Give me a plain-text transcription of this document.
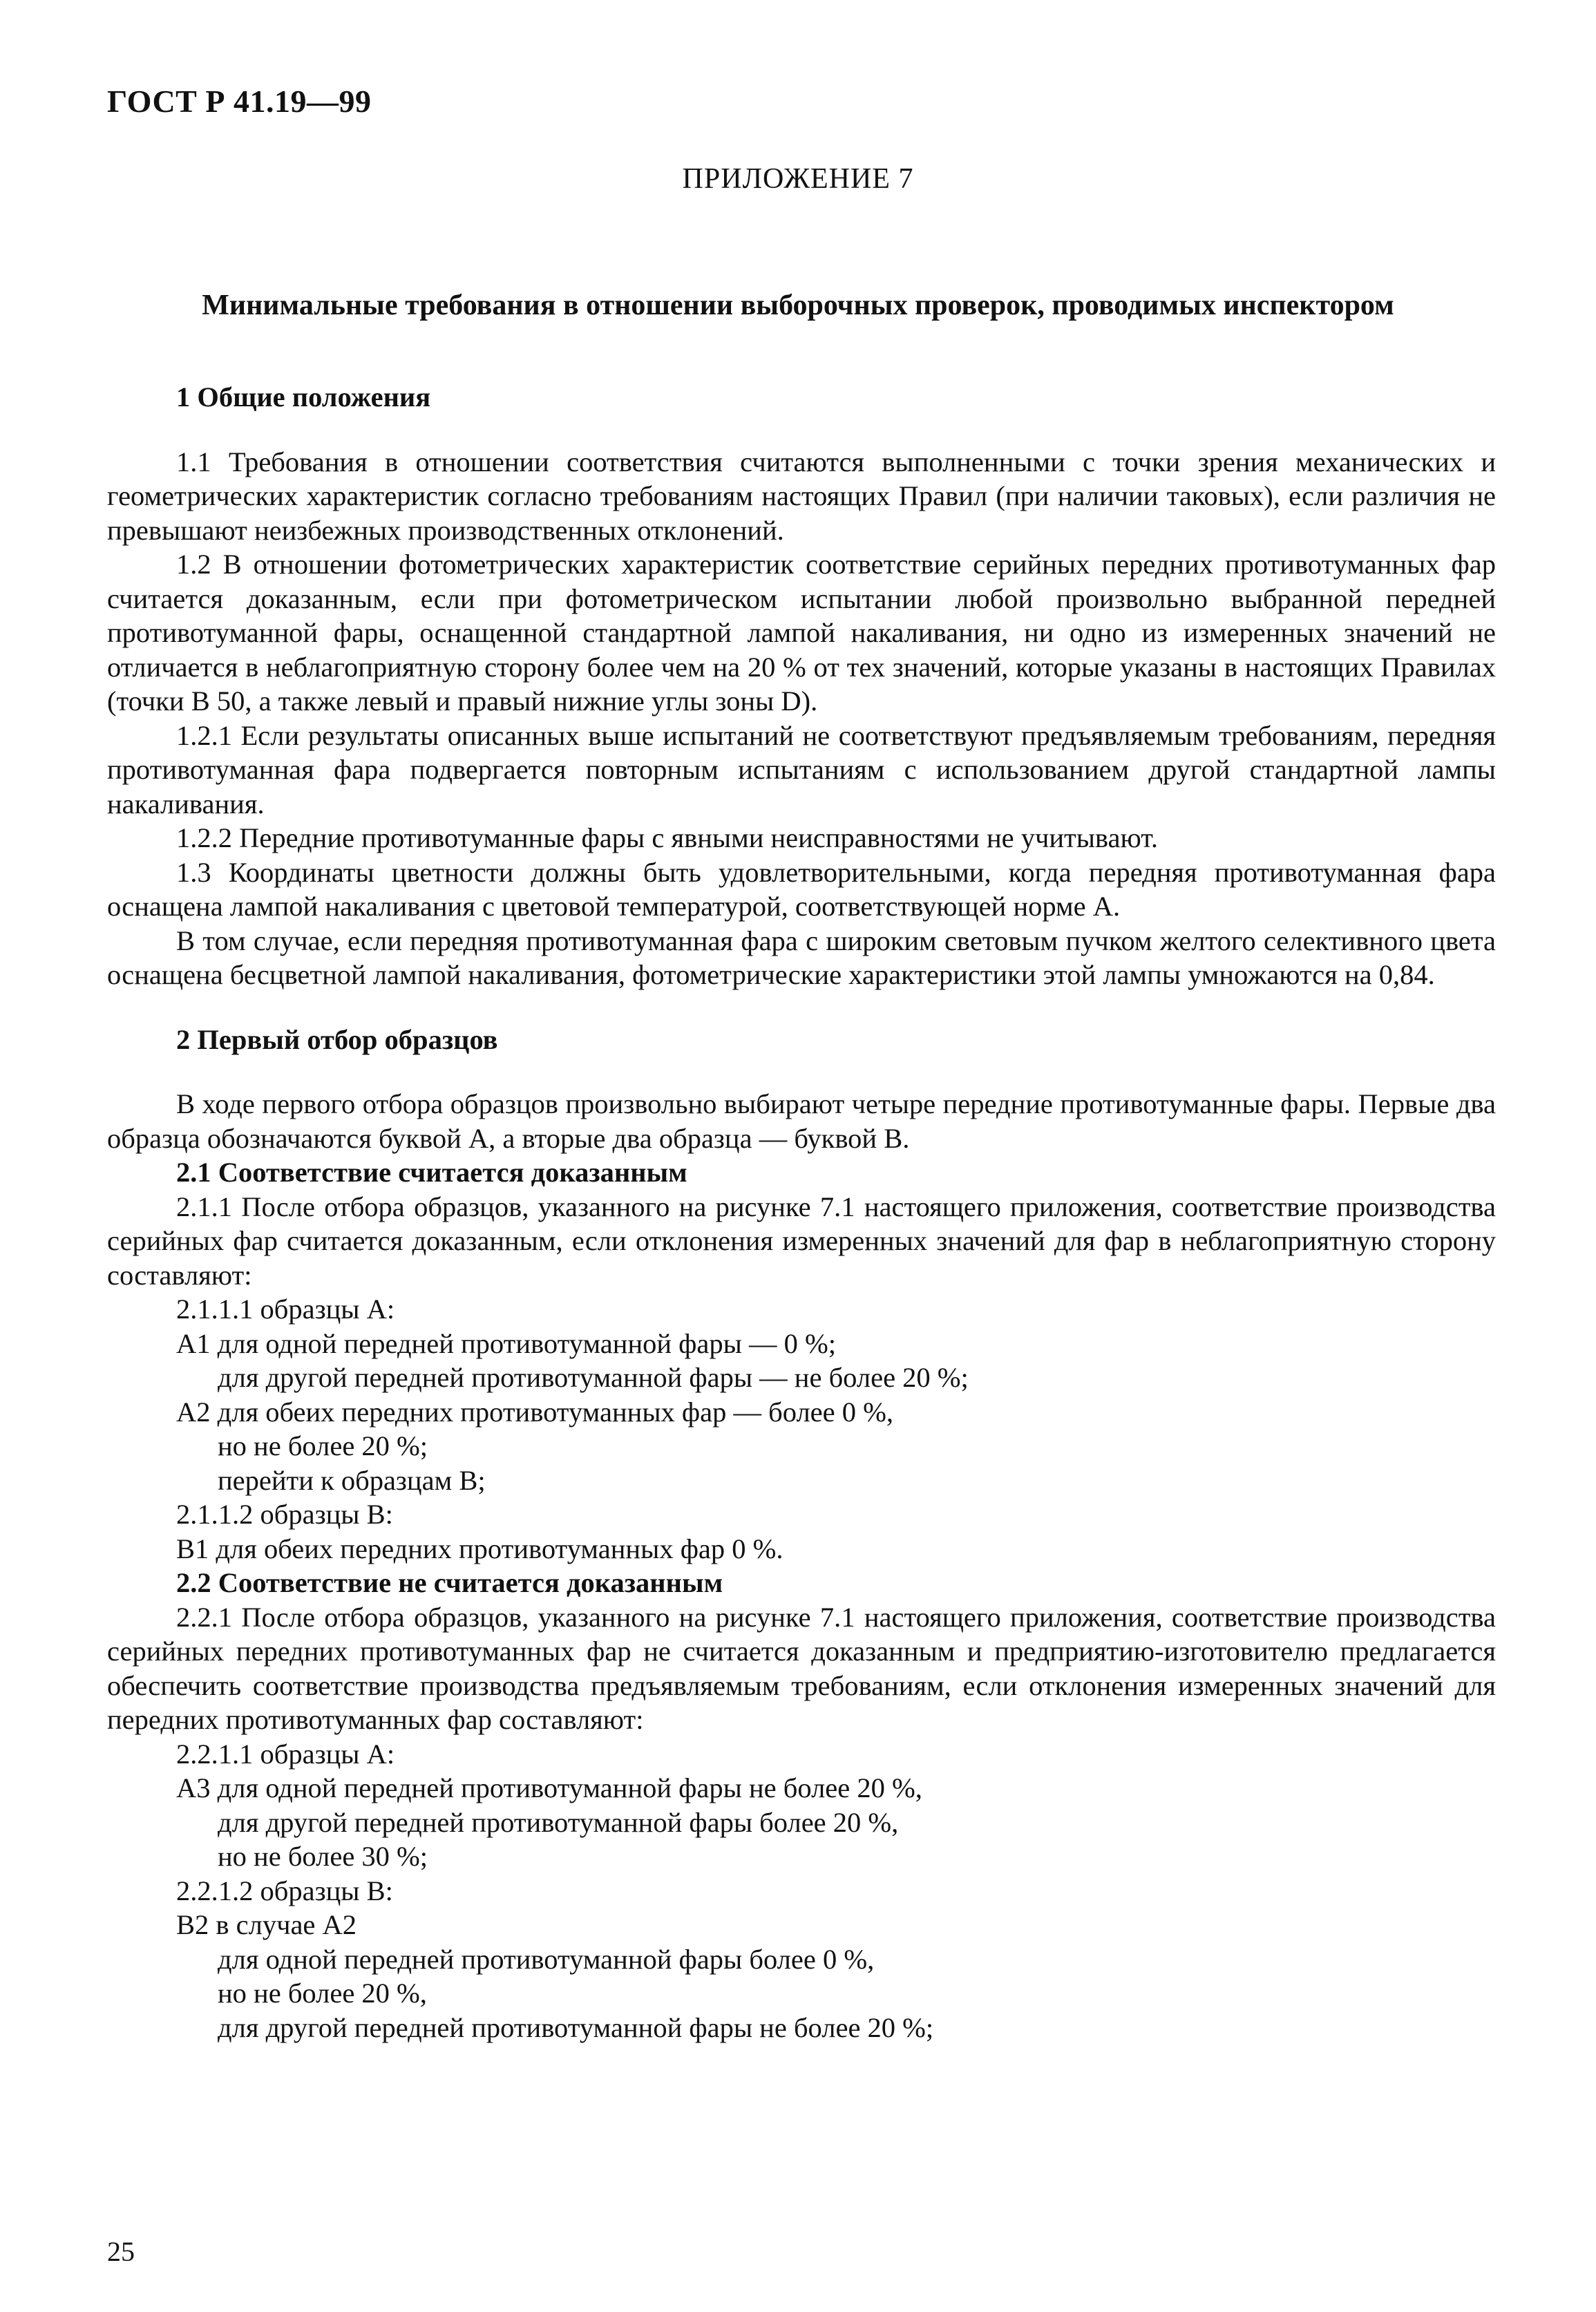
ГОСТ Р 41.19—99
ПРИЛОЖЕНИЕ 7
Минимальные требования в отношении выборочных проверок, проводимых инспектором

1 Общие положения

1.1 Требования в отношении соответствия считаются выполненными с точки зрения механических и геометрических характеристик согласно требованиям настоящих Правил (при наличии таковых), если различия не превышают неизбежных производственных отклонений.

1.2 В отношении фотометрических характеристик соответствие серийных передних противотуманных фар считается доказанным, если при фотометрическом испытании любой произвольно выбранной передней противотуманной фары, оснащенной стандартной лампой накаливания, ни одно из измеренных значений не отличается в неблагоприятную сторону более чем на 20 % от тех значений, которые указаны в настоящих Правилах (точки В 50, а также левый и правый нижние углы зоны D).

1.2.1 Если результаты описанных выше испытаний не соответствуют предъявляемым требованиям, передняя противотуманная фара подвергается повторным испытаниям с использованием другой стандартной лампы накаливания.

1.2.2 Передние противотуманные фары с явными неисправностями не учитывают.

1.3 Координаты цветности должны быть удовлетворительными, когда передняя противотуманная фара оснащена лампой накаливания с цветовой температурой, соответствующей норме А.

В том случае, если передняя противотуманная фара с широким световым пучком желтого селективного цвета оснащена бесцветной лампой накаливания, фотометрические характеристики этой лампы умножаются на 0,84.

2 Первый отбор образцов

В ходе первого отбора образцов произвольно выбирают четыре передние противотуманные фары. Первые два образца обозначаются буквой А, а вторые два образца — буквой В.

2.1 Соответствие считается доказанным

2.1.1 После отбора образцов, указанного на рисунке 7.1 настоящего приложения, соответствие производства серийных фар считается доказанным, если отклонения измеренных значений для фар в неблагоприятную сторону составляют:

2.1.1.1 образцы А:

А1 для одной передней противотуманной фары — 0 %;

для другой передней противотуманной фары — не более 20 %;

А2 для обеих передних противотуманных фар — более 0 %,

но не более 20 %;

перейти к образцам В;

2.1.1.2 образцы В:

В1 для обеих передних противотуманных фар 0 %.

2.2 Соответствие не считается доказанным

2.2.1 После отбора образцов, указанного на рисунке 7.1 настоящего приложения, соответствие производства серийных передних противотуманных фар не считается доказанным и предприятию-изготовителю предлагается обеспечить соответствие производства предъявляемым требованиям, если отклонения измеренных значений для передних противотуманных фар составляют:

2.2.1.1 образцы А:

А3 для одной передней противотуманной фары не более 20 %,

для другой передней противотуманной фары более 20 %,

но не более 30 %;

2.2.1.2 образцы В:

В2 в случае А2

для одной передней противотуманной фары более 0 %,

но не более 20 %,

для другой передней противотуманной фары не более 20 %;

25
